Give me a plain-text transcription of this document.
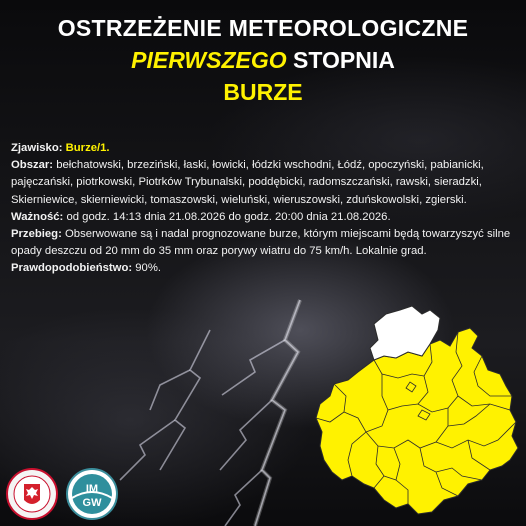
OSTRZEŻENIE METEOROLOGICZNE
PIERWSZEGO STOPNIA
BURZE

Zjawisko: Burze/1.

Obszar: bełchatowski, brzeziński, łaski, łowicki, łódzki wschodni, Łódź, opoczyński, pabianicki, pajęczański, piotrkowski, Piotrków Trybunalski, poddębicki, radomszczański, rawski, sieradzki, Skierniewice, skierniewicki, tomaszowski, wieluński, wieruszowski, zduńskowolski, zgierski.

Ważność: od godz. 14:13 dnia 21.08.2026 do godz. 20:00 dnia 21.08.2026.

Przebieg: Obserwowane są i nadal prognozowane burze, którym miejscami będą towarzyszyć silne opady deszczu od 20 mm do 35 mm oraz porywy wiatru do 75 km/h. Lokalnie grad.

Prawdopodobieństwo: 90%.

IM
GW
